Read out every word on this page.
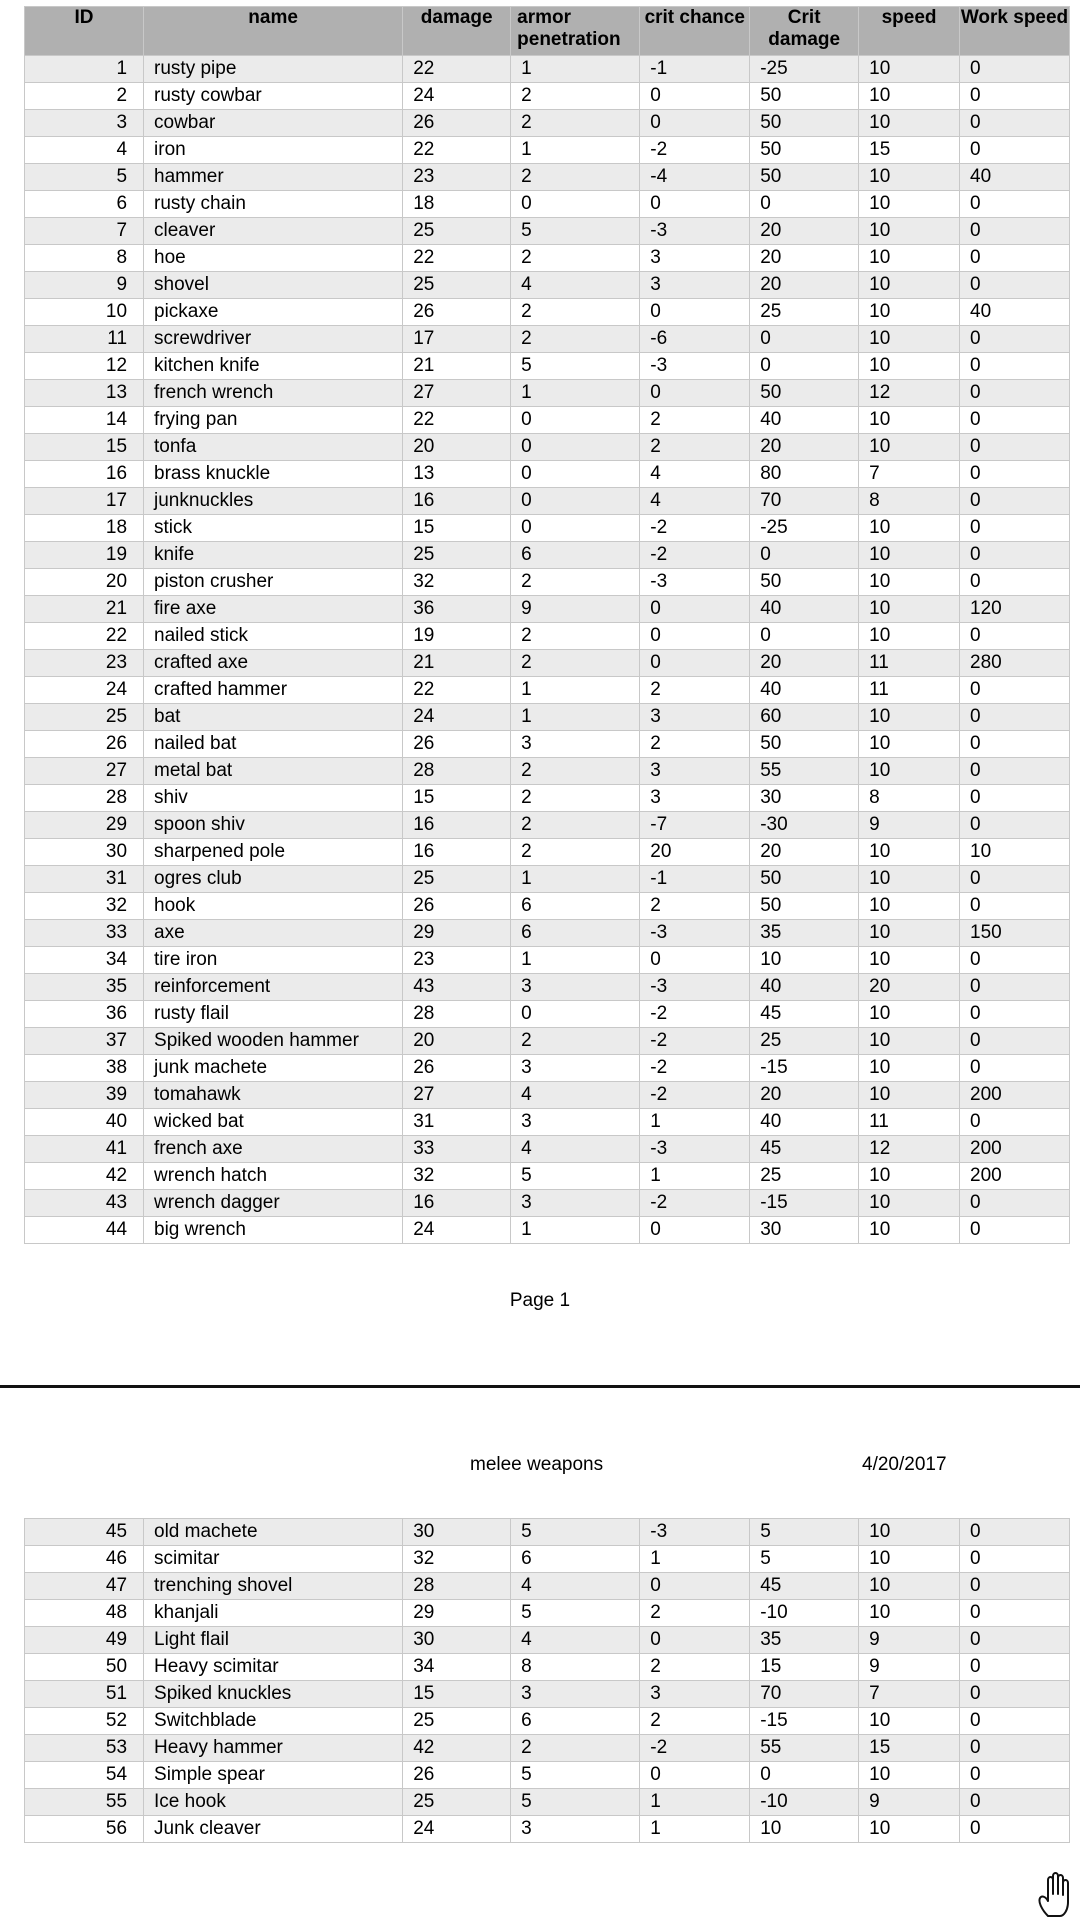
ID	name	damage	armor penetration	crit chance	Crit damage	speed	Work speed
1	rusty pipe	22	1	-1	-25	10	0
2	rusty cowbar	24	2	0	50	10	0
3	cowbar	26	2	0	50	10	0
4	iron	22	1	-2	50	15	0
5	hammer	23	2	-4	50	10	40
6	rusty chain	18	0	0	0	10	0
7	cleaver	25	5	-3	20	10	0
8	hoe	22	2	3	20	10	0
9	shovel	25	4	3	20	10	0
10	pickaxe	26	2	0	25	10	40
11	screwdriver	17	2	-6	0	10	0
12	kitchen knife	21	5	-3	0	10	0
13	french wrench	27	1	0	50	12	0
14	frying pan	22	0	2	40	10	0
15	tonfa	20	0	2	20	10	0
16	brass knuckle	13	0	4	80	7	0
17	junknuckles	16	0	4	70	8	0
18	stick	15	0	-2	-25	10	0
19	knife	25	6	-2	0	10	0
20	piston crusher	32	2	-3	50	10	0
21	fire axe	36	9	0	40	10	120
22	nailed stick	19	2	0	0	10	0
23	crafted axe	21	2	0	20	11	280
24	crafted hammer	22	1	2	40	11	0
25	bat	24	1	3	60	10	0
26	nailed bat	26	3	2	50	10	0
27	metal bat	28	2	3	55	10	0
28	shiv	15	2	3	30	8	0
29	spoon shiv	16	2	-7	-30	9	0
30	sharpened pole	16	2	20	20	10	10
31	ogres club	25	1	-1	50	10	0
32	hook	26	6	2	50	10	0
33	axe	29	6	-3	35	10	150
34	tire iron	23	1	0	10	10	0
35	reinforcement	43	3	-3	40	20	0
36	rusty flail	28	0	-2	45	10	0
37	Spiked wooden hammer	20	2	-2	25	10	0
38	junk machete	26	3	-2	-15	10	0
39	tomahawk	27	4	-2	20	10	200
40	wicked bat	31	3	1	40	11	0
41	french axe	33	4	-3	45	12	200
42	wrench hatch	32	5	1	25	10	200
43	wrench dagger	16	3	-2	-15	10	0
44	big wrench	24	1	0	30	10	0
Page 1
melee weapons	4/20/2017
45	old machete	30	5	-3	5	10	0
46	scimitar	32	6	1	5	10	0
47	trenching shovel	28	4	0	45	10	0
48	khanjali	29	5	2	-10	10	0
49	Light flail	30	4	0	35	9	0
50	Heavy scimitar	34	8	2	15	9	0
51	Spiked knuckles	15	3	3	70	7	0
52	Switchblade	25	6	2	-15	10	0
53	Heavy hammer	42	2	-2	55	15	0
54	Simple spear	26	5	0	0	10	0
55	Ice hook	25	5	1	-10	9	0
56	Junk cleaver	24	3	1	10	10	0
